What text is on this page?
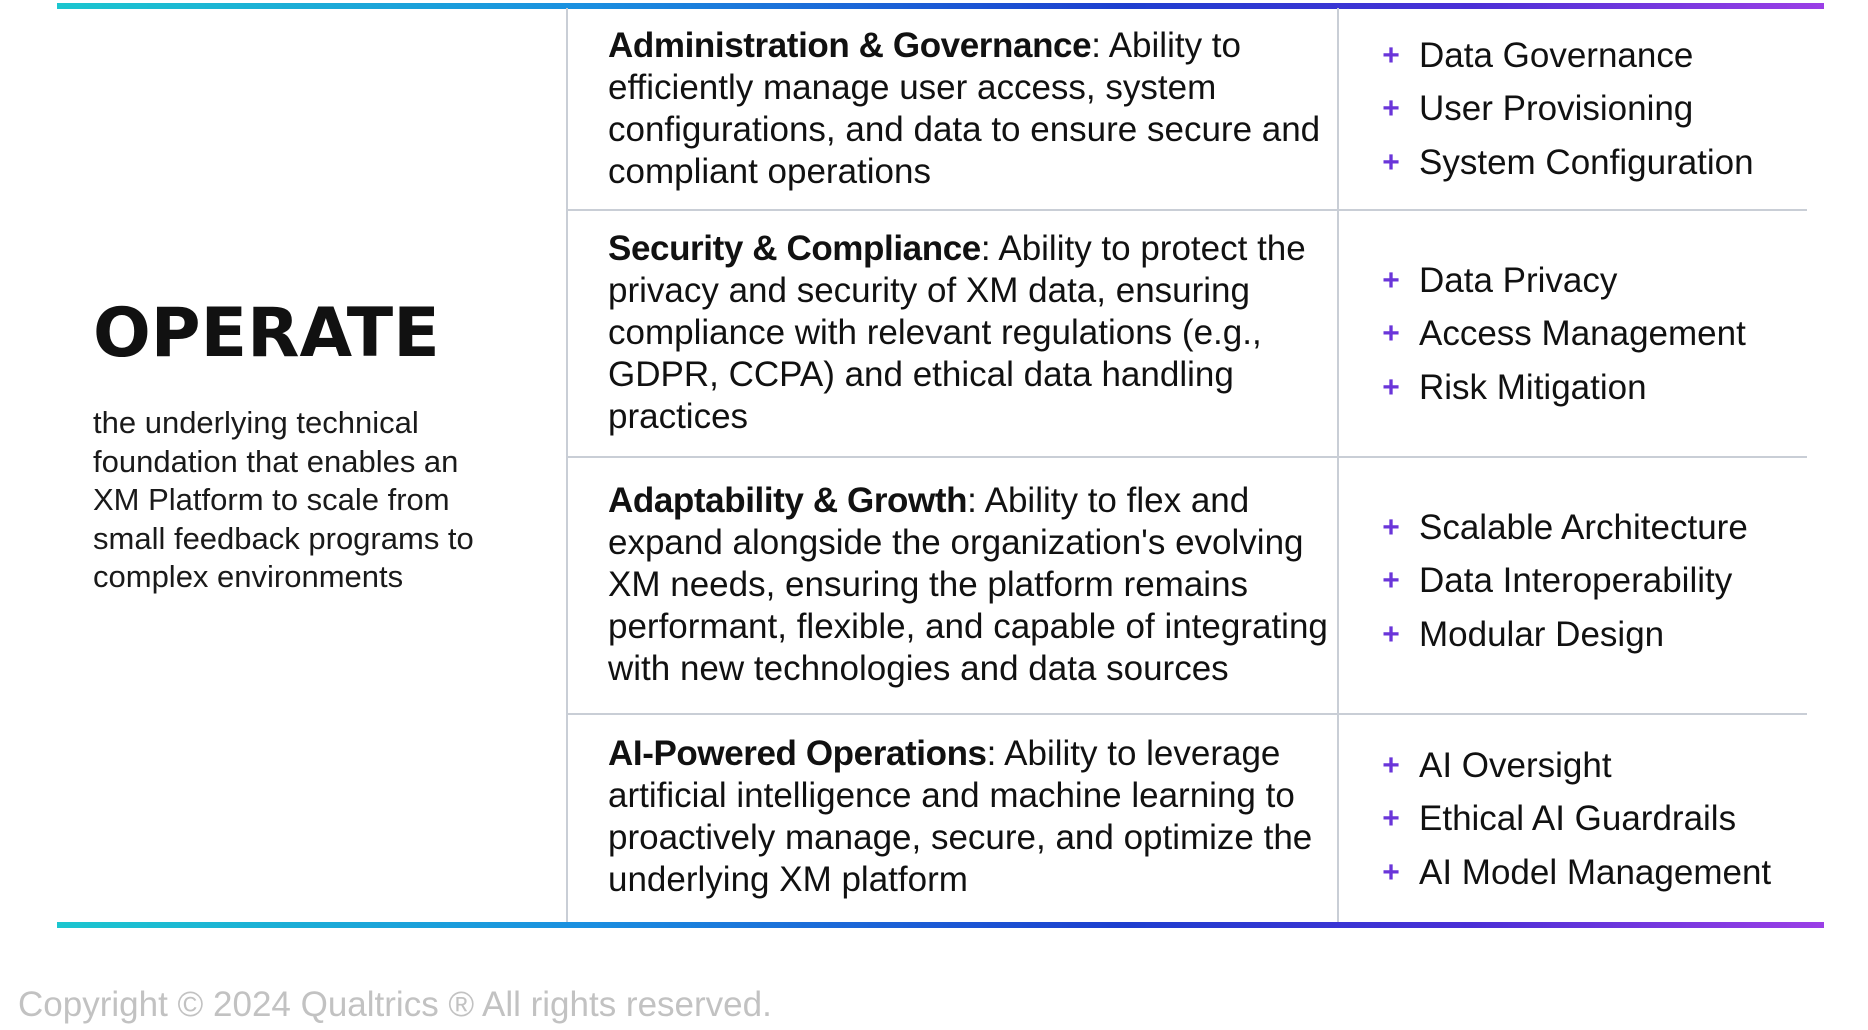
OPERATE
the underlying technical foundation that enables an XM Platform to scale from small feedback programs to complex environments
Administration & Governance: Ability to efficiently manage user access, system configurations, and data to ensure secure and compliant operations
+ Data Governance
+ User Provisioning
+ System Configuration
Security & Compliance: Ability to protect the privacy and security of XM data, ensuring compliance with relevant regulations (e.g., GDPR, CCPA) and ethical data handling practices
+ Data Privacy
+ Access Management
+ Risk Mitigation
Adaptability & Growth: Ability to flex and expand alongside the organization's evolving XM needs, ensuring the platform remains performant, flexible, and capable of integrating with new technologies and data sources
+ Scalable Architecture
+ Data Interoperability
+ Modular Design
AI-Powered Operations: Ability to leverage artificial intelligence and machine learning to proactively manage, secure, and optimize the underlying XM platform
+ AI Oversight
+ Ethical AI Guardrails
+ AI Model Management
Copyright © 2024 Qualtrics ® All rights reserved.
